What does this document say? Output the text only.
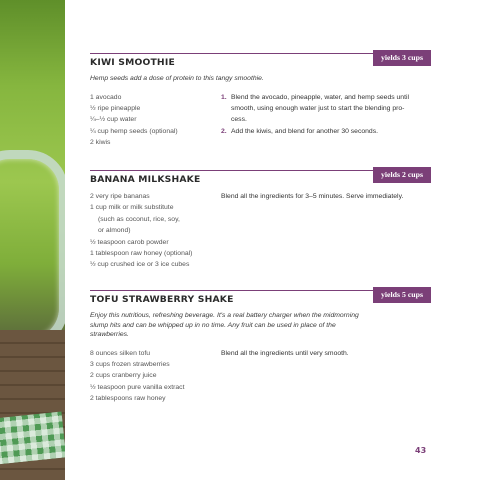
KIWI SMOOTHIE	yields 3 cups
Hemp seeds add a dose of protein to this tangy smoothie.
1 avocado
½ ripe pineapple
¼–½ cup water
¼ cup hemp seeds (optional)
2 kiwis
1. Blend the avocado, pineapple, water, and hemp seeds until
smooth, using enough water just to start the blending pro-
cess.
2. Add the kiwis, and blend for another 30 seconds.
BANANA MILKSHAKE	yields 2 cups
2 very ripe bananas
1 cup milk or milk substitute
(such as coconut, rice, soy,
or almond)
½ teaspoon carob powder
1 tablespoon raw honey (optional)
½ cup crushed ice or 3 ice cubes
Blend all the ingredients for 3–5 minutes. Serve immediately.
TOFU STRAWBERRY SHAKE	yields 5 cups
Enjoy this nutritious, refreshing beverage. It's a real battery charger when the midmorning
slump hits and can be whipped up in no time. Any fruit can be used in place of the
strawberries.
8 ounces silken tofu
3 cups frozen strawberries
2 cups cranberry juice
½ teaspoon pure vanilla extract
2 tablespoons raw honey
Blend all the ingredients until very smooth.
43
